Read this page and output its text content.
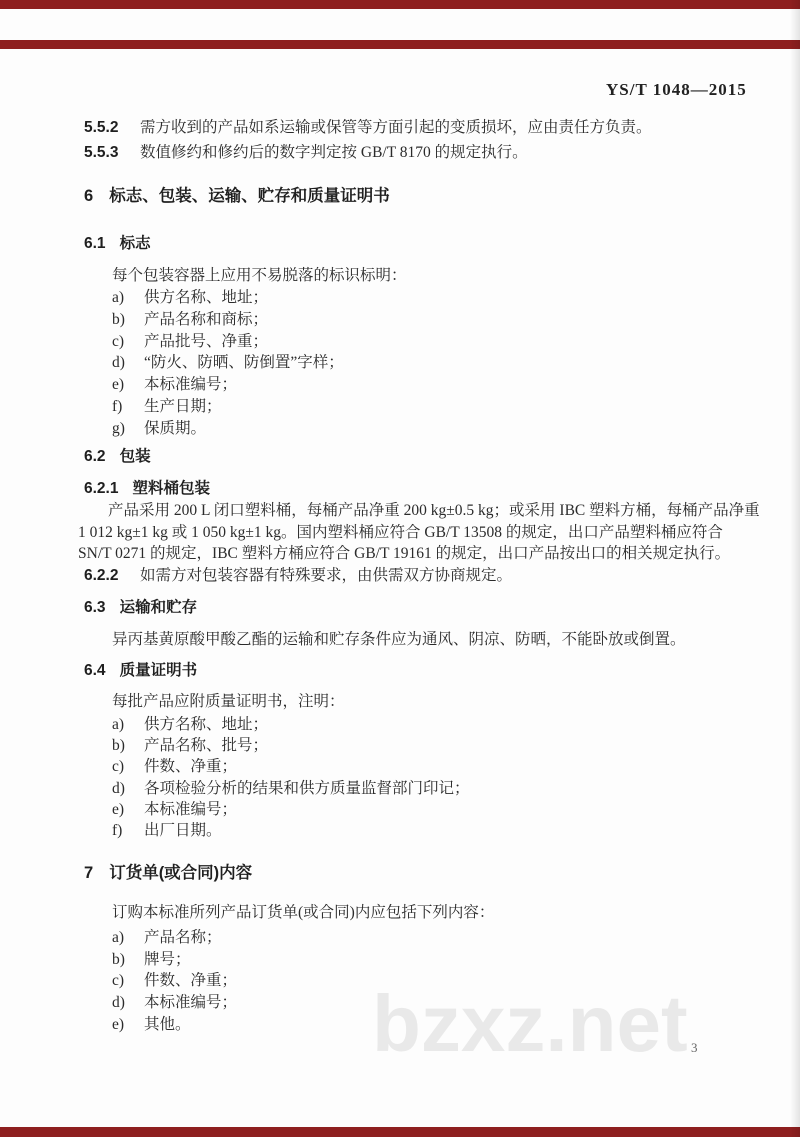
YS/T 1048—2015
5.5.2 需方收到的产品如系运输或保管等方面引起的变质损坏，应由责任方负责。
5.5.3 数值修约和修约后的数字判定按 GB/T 8170 的规定执行。
6 标志、包装、运输、贮存和质量证明书
6.1 标志
每个包装容器上应用不易脱落的标识标明：
a) 供方名称、地址；
b) 产品名称和商标；
c) 产品批号、净重；
d) “防火、防晒、防倒置”字样；
e) 本标准编号；
f) 生产日期；
g) 保质期。
6.2 包装
6.2.1 塑料桶包装
产品采用 200 L 闭口塑料桶，每桶产品净重 200 kg±0.5 kg；或采用 IBC 塑料方桶，每桶产品净重
1 012 kg±1 kg 或 1 050 kg±1 kg。国内塑料桶应符合 GB/T 13508 的规定，出口产品塑料桶应符合
SN/T 0271 的规定，IBC 塑料方桶应符合 GB/T 19161 的规定，出口产品按出口的相关规定执行。
6.2.2 如需方对包装容器有特殊要求，由供需双方协商规定。
6.3 运输和贮存
异丙基黄原酸甲酸乙酯的运输和贮存条件应为通风、阴凉、防晒，不能卧放或倒置。
6.4 质量证明书
每批产品应附质量证明书，注明：
a) 供方名称、地址；
b) 产品名称、批号；
c) 件数、净重；
d) 各项检验分析的结果和供方质量监督部门印记；
e) 本标准编号；
f) 出厂日期。
7 订货单(或合同)内容
订购本标准所列产品订货单(或合同)内应包括下列内容：
a) 产品名称；
b) 牌号；
c) 件数、净重；
d) 本标准编号；
e) 其他。 bzxz.net 3
